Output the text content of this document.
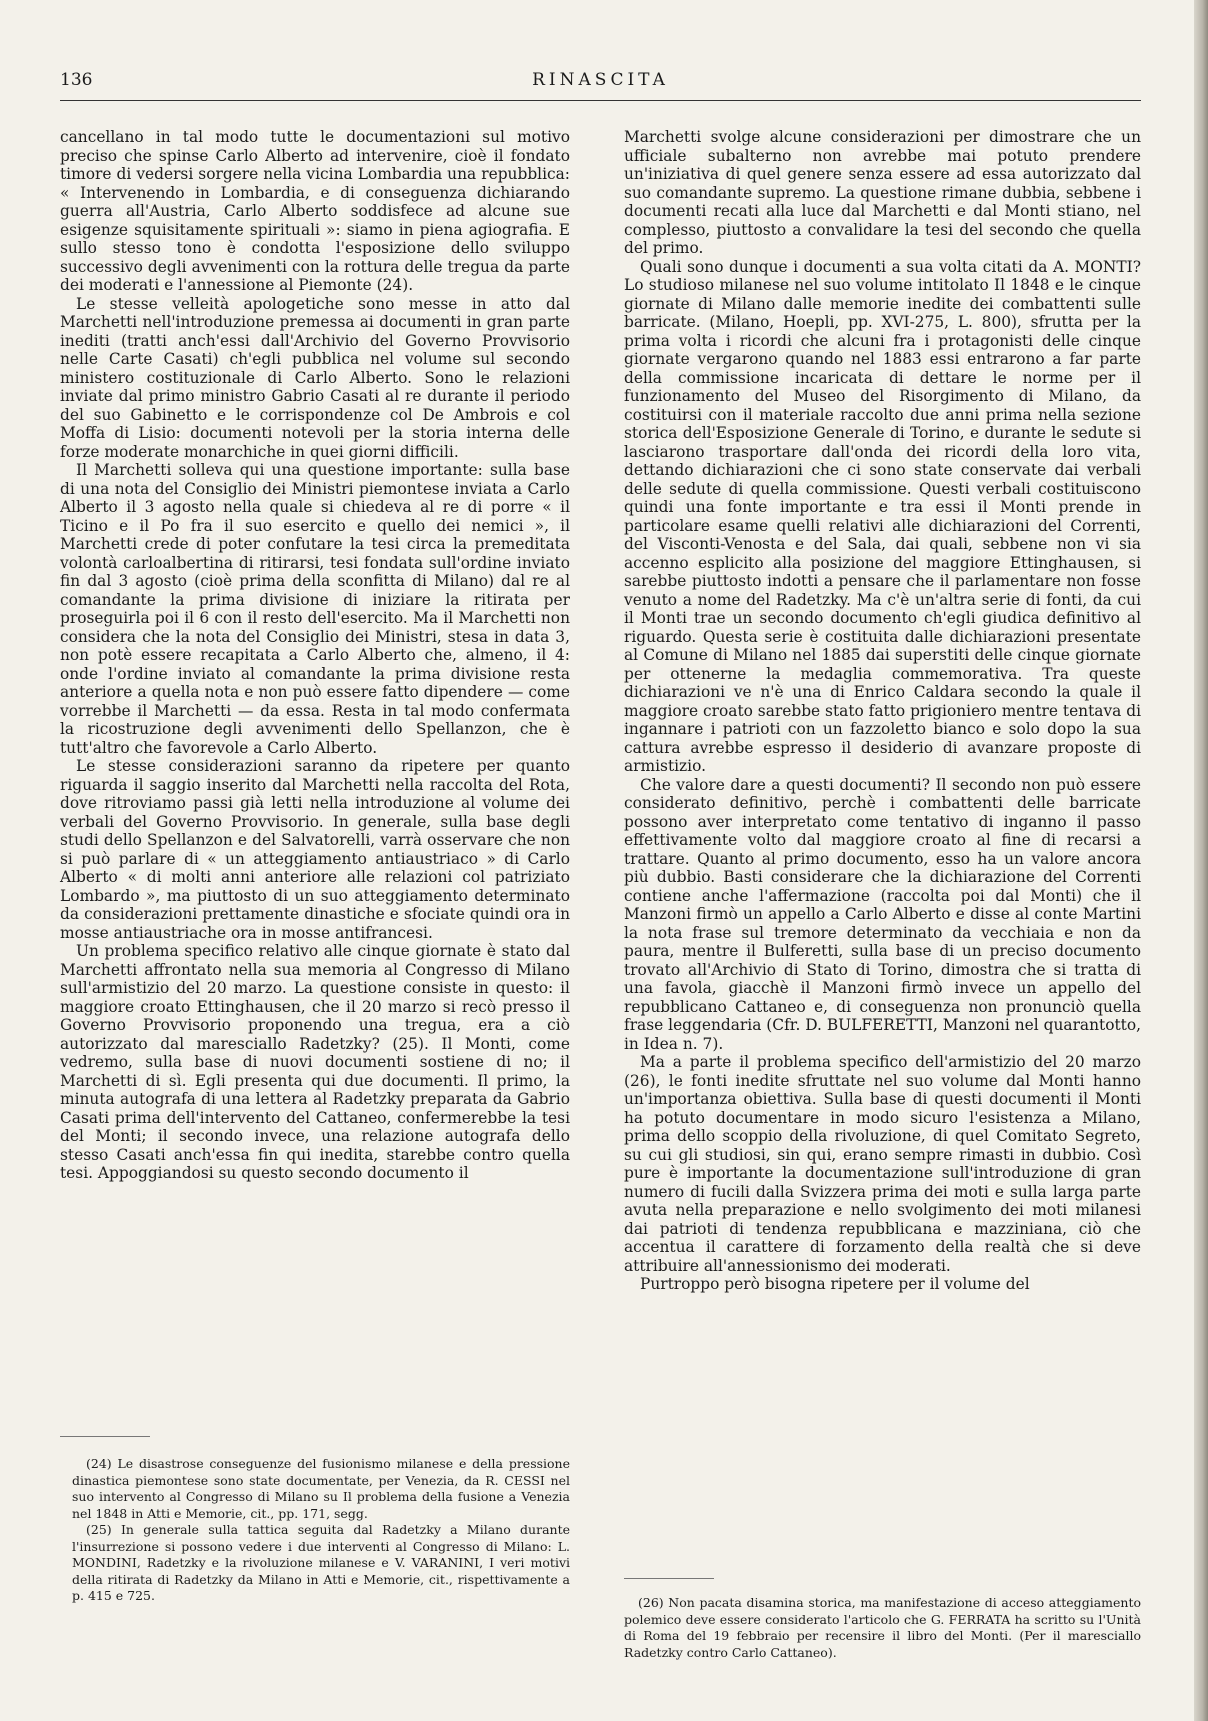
136	RINASCITA

cancellano in tal modo tutte le documentazioni sul motivo preciso che spinse Carlo Alberto ad intervenire, cioè il fondato timore di vedersi sorgere nella vicina Lombardia una repubblica: « Intervenendo in Lombardia, e di conseguenza dichiarando guerra all'Austria, Carlo Alberto soddisfece ad alcune sue esigenze squisitamente spirituali »: siamo in piena agiografia. E sullo stesso tono è condotta l'esposizione dello sviluppo successivo degli avvenimenti con la rottura delle tregua da parte dei moderati e l'annessione al Piemonte (24).

Le stesse velleità apologetiche sono messe in atto dal Marchetti nell'introduzione premessa ai documenti in gran parte inediti (tratti anch'essi dall'Archivio del Governo Provvisorio nelle Carte Casati) ch'egli pubblica nel volume sul secondo ministero costituzionale di Carlo Alberto. Sono le relazioni inviate dal primo ministro Gabrio Casati al re durante il periodo del suo Gabinetto e le corrispondenze col De Ambrois e col Moffa di Lisio: documenti notevoli per la storia interna delle forze moderate monarchiche in quei giorni difficili.

Il Marchetti solleva qui una questione importante: sulla base di una nota del Consiglio dei Ministri piemontese inviata a Carlo Alberto il 3 agosto nella quale si chiedeva al re di porre « il Ticino e il Po fra il suo esercito e quello dei nemici », il Marchetti crede di poter confutare la tesi circa la premeditata volontà carloalbertina di ritirarsi, tesi fondata sull'ordine inviato fin dal 3 agosto (cioè prima della sconfitta di Milano) dal re al comandante la prima divisione di iniziare la ritirata per proseguirla poi il 6 con il resto dell'esercito. Ma il Marchetti non considera che la nota del Consiglio dei Ministri, stesa in data 3, non potè essere recapitata a Carlo Alberto che, almeno, il 4: onde l'ordine inviato al comandante la prima divisione resta anteriore a quella nota e non può essere fatto dipendere — come vorrebbe il Marchetti — da essa. Resta in tal modo confermata la ricostruzione degli avvenimenti dello Spellanzon, che è tutt'altro che favorevole a Carlo Alberto.

Le stesse considerazioni saranno da ripetere per quanto riguarda il saggio inserito dal Marchetti nella raccolta del Rota, dove ritroviamo passi già letti nella introduzione al volume dei verbali del Governo Provvisorio. In generale, sulla base degli studi dello Spellanzon e del Salvatorelli, varrà osservare che non si può parlare di « un atteggiamento antiaustriaco » di Carlo Alberto « di molti anni anteriore alle relazioni col patriziato Lombardo », ma piuttosto di un suo atteggiamento determinato da considerazioni prettamente dinastiche e sfociate quindi ora in mosse antiaustriache ora in mosse antifrancesi.

Un problema specifico relativo alle cinque giornate è stato dal Marchetti affrontato nella sua memoria al Congresso di Milano sull'armistizio del 20 marzo. La questione consiste in questo: il maggiore croato Ettinghausen, che il 20 marzo si recò presso il Governo Provvisorio proponendo una tregua, era a ciò autorizzato dal maresciallo Radetzky? (25). Il Monti, come vedremo, sulla base di nuovi documenti sostiene di no; il Marchetti di sì. Egli presenta qui due documenti. Il primo, la minuta autografa di una lettera al Radetzky preparata da Gabrio Casati prima dell'intervento del Cattaneo, confermerebbe la tesi del Monti; il secondo invece, una relazione autografa dello stesso Casati anch'essa fin qui inedita, starebbe contro quella tesi. Appoggiandosi su questo secondo documento il

Marchetti svolge alcune considerazioni per dimostrare che un ufficiale subalterno non avrebbe mai potuto prendere un'iniziativa di quel genere senza essere ad essa autorizzato dal suo comandante supremo. La questione rimane dubbia, sebbene i documenti recati alla luce dal Marchetti e dal Monti stiano, nel complesso, piuttosto a convalidare la tesi del secondo che quella del primo.

Quali sono dunque i documenti a sua volta citati da A. MONTI? Lo studioso milanese nel suo volume intitolato Il 1848 e le cinque giornate di Milano dalle memorie inedite dei combattenti sulle barricate. (Milano, Hoepli, pp. XVI-275, L. 800), sfrutta per la prima volta i ricordi che alcuni fra i protagonisti delle cinque giornate vergarono quando nel 1883 essi entrarono a far parte della commissione incaricata di dettare le norme per il funzionamento del Museo del Risorgimento di Milano, da costituirsi con il materiale raccolto due anni prima nella sezione storica dell'Esposizione Generale di Torino, e durante le sedute si lasciarono trasportare dall'onda dei ricordi della loro vita, dettando dichiarazioni che ci sono state conservate dai verbali delle sedute di quella commissione. Questi verbali costituiscono quindi una fonte importante e tra essi il Monti prende in particolare esame quelli relativi alle dichiarazioni del Correnti, del Visconti-Venosta e del Sala, dai quali, sebbene non vi sia accenno esplicito alla posizione del maggiore Ettinghausen, si sarebbe piuttosto indotti a pensare che il parlamentare non fosse venuto a nome del Radetzky. Ma c'è un'altra serie di fonti, da cui il Monti trae un secondo documento ch'egli giudica definitivo al riguardo. Questa serie è costituita dalle dichiarazioni presentate al Comune di Milano nel 1885 dai superstiti delle cinque giornate per ottenerne la medaglia commemorativa. Tra queste dichiarazioni ve n'è una di Enrico Caldara secondo la quale il maggiore croato sarebbe stato fatto prigioniero mentre tentava di ingannare i patrioti con un fazzoletto bianco e solo dopo la sua cattura avrebbe espresso il desiderio di avanzare proposte di armistizio.

Che valore dare a questi documenti? Il secondo non può essere considerato definitivo, perchè i combattenti delle barricate possono aver interpretato come tentativo di inganno il passo effettivamente volto dal maggiore croato al fine di recarsi a trattare. Quanto al primo documento, esso ha un valore ancora più dubbio. Basti considerare che la dichiarazione del Correnti contiene anche l'affermazione (raccolta poi dal Monti) che il Manzoni firmò un appello a Carlo Alberto e disse al conte Martini la nota frase sul tremore determinato da vecchiaia e non da paura, mentre il Bulferetti, sulla base di un preciso documento trovato all'Archivio di Stato di Torino, dimostra che si tratta di una favola, giacchè il Manzoni firmò invece un appello del repubblicano Cattaneo e, di conseguenza non pronunciò quella frase leggendaria (Cfr. D. BULFERETTI, Manzoni nel quarantotto, in Idea n. 7).

Ma a parte il problema specifico dell'armistizio del 20 marzo (26), le fonti inedite sfruttate nel suo volume dal Monti hanno un'importanza obiettiva. Sulla base di questi documenti il Monti ha potuto documentare in modo sicuro l'esistenza a Milano, prima dello scoppio della rivoluzione, di quel Comitato Segreto, su cui gli studiosi, sin qui, erano sempre rimasti in dubbio. Così pure è importante la documentazione sull'introduzione di gran numero di fucili dalla Svizzera prima dei moti e sulla larga parte avuta nella preparazione e nello svolgimento dei moti milanesi dai patrioti di tendenza repubblicana e mazziniana, ciò che accentua il carattere di forzamento della realtà che si deve attribuire all'annessionismo dei moderati.

Purtroppo però bisogna ripetere per il volume del

(24) Le disastrose conseguenze del fusionismo milanese e della pressione dinastica piemontese sono state documentate, per Venezia, da R. CESSI nel suo intervento al Congresso di Milano su Il problema della fusione a Venezia nel 1848 in Atti e Memorie, cit., pp. 171, segg.

(25) In generale sulla tattica seguita dal Radetzky a Milano durante l'insurrezione si possono vedere i due interventi al Congresso di Milano: L. MONDINI, Radetzky e la rivoluzione milanese e V. VARANINI, I veri motivi della ritirata di Radetzky da Milano in Atti e Memorie, cit., rispettivamente a p. 415 e 725.	(26) Non pacata disamina storica, ma manifestazione di acceso atteggiamento polemico deve essere considerato l'articolo che G. FERRATA ha scritto su l'Unità di Roma del 19 febbraio per recensire il libro del Monti. (Per il maresciallo Radetzky contro Carlo Cattaneo).
